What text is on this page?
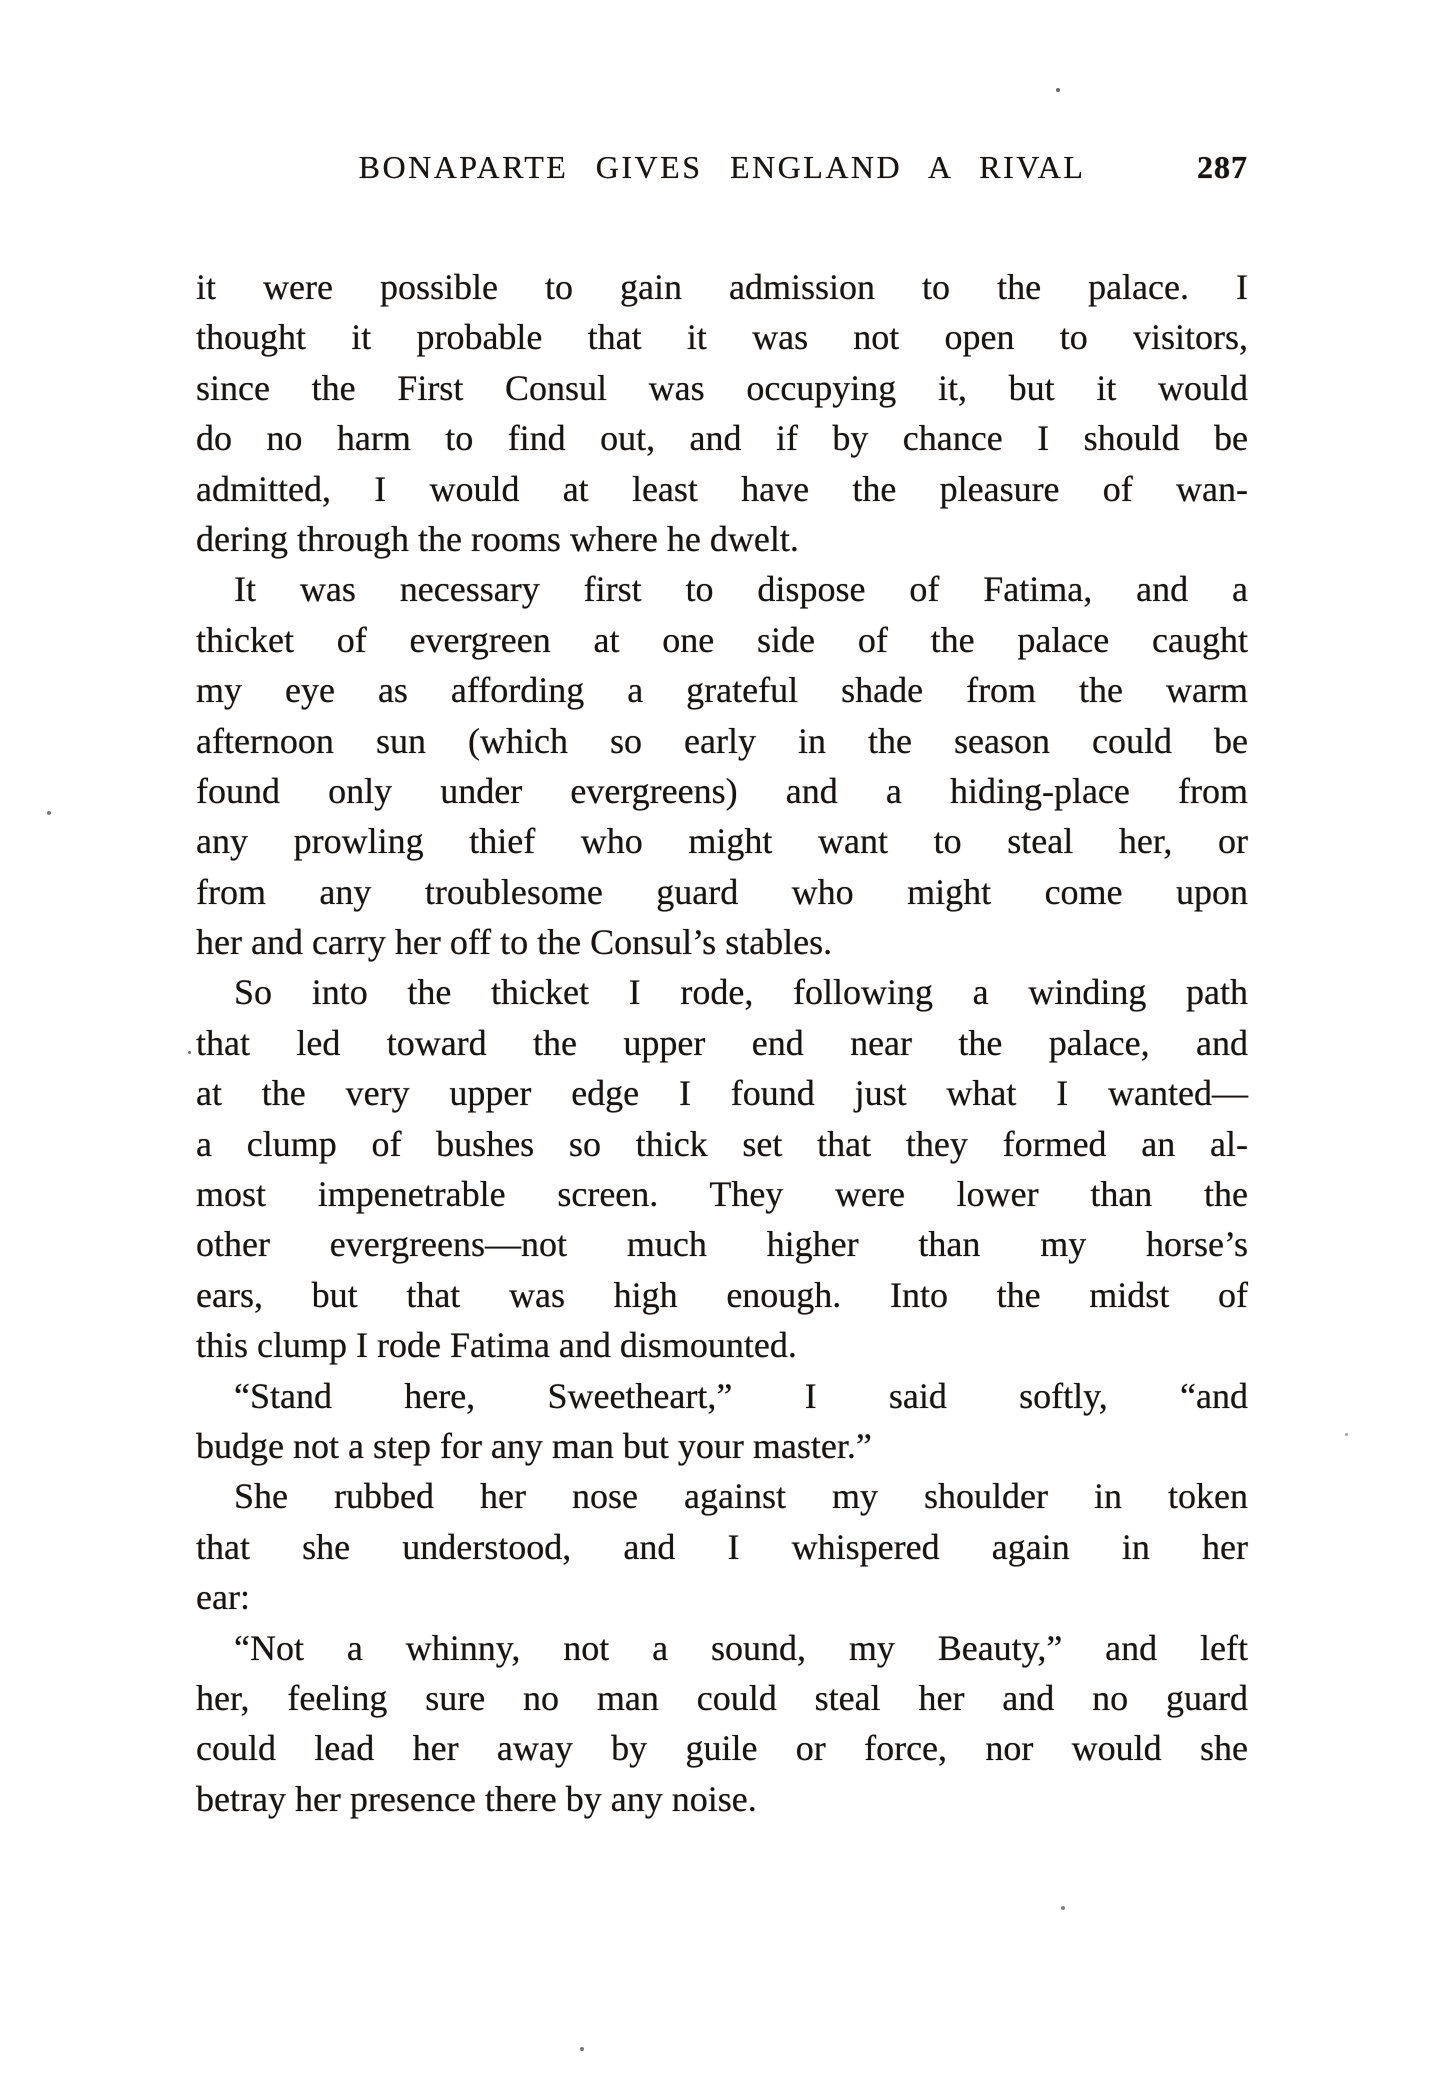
BONAPARTE GIVES ENGLAND A RIVAL	287
it were possible to gain admission to the palace. I
thought it probable that it was not open to visitors,
since the First Consul was occupying it, but it would
do no harm to find out, and if by chance I should be
admitted, I would at least have the pleasure of wan-
dering through the rooms where he dwelt.
It was necessary first to dispose of Fatima, and a
thicket of evergreen at one side of the palace caught
my eye as affording a grateful shade from the warm
afternoon sun (which so early in the season could be
found only under evergreens) and a hiding-place from
any prowling thief who might want to steal her, or
from any troublesome guard who might come upon
her and carry her off to the Consul’s stables.
So into the thicket I rode, following a winding path
that led toward the upper end near the palace, and
at the very upper edge I found just what I wanted—
a clump of bushes so thick set that they formed an al-
most impenetrable screen. They were lower than the
other evergreens—not much higher than my horse’s
ears, but that was high enough. Into the midst of
this clump I rode Fatima and dismounted.
“Stand here, Sweetheart,” I said softly, “and
budge not a step for any man but your master.”
She rubbed her nose against my shoulder in token
that she understood, and I whispered again in her
ear:
“Not a whinny, not a sound, my Beauty,” and left
her, feeling sure no man could steal her and no guard
could lead her away by guile or force, nor would she
betray her presence there by any noise.
